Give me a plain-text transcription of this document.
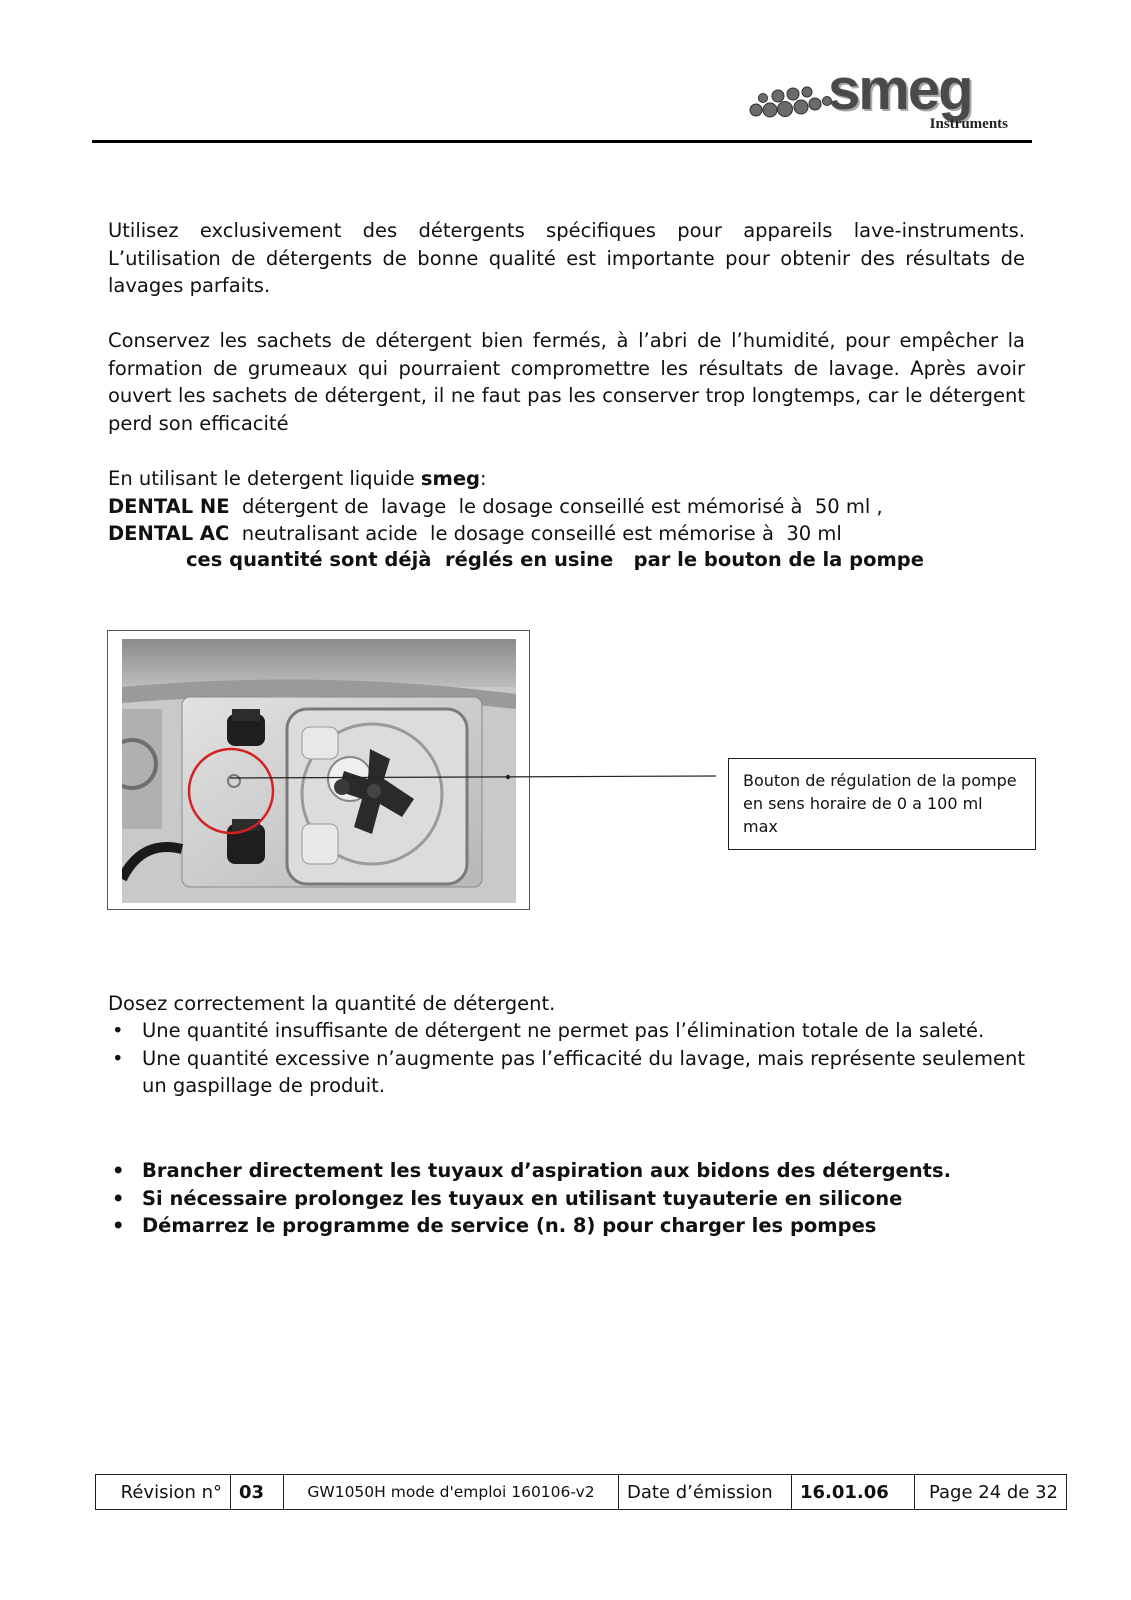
smeg
Instruments

Utilisez exclusivement des détergents spécifiques pour appareils lave-instruments. L’utilisation de détergents de bonne qualité est importante pour obtenir des résultats de lavages parfaits.

Conservez les sachets de détergent bien fermés, à l’abri de l’humidité, pour empêcher la formation de grumeaux qui pourraient compromettre les résultats de lavage. Après avoir ouvert les sachets de détergent, il ne faut pas les conserver trop longtemps, car le détergent perd son efficacité

En utilisant le detergent liquide smeg:
DENTAL NE  détergent de  lavage  le dosage conseillé est mémorisé à  50 ml ,
DENTAL AC  neutralisant acide  le dosage conseillé est mémorise à  30 ml
ces quantité sont déjà  réglés en usine   par le bouton de la pompe
Bouton de régulation de la pompe en sens horaire de 0 a 100 ml max
Dosez correctement la quantité de détergent.
• Une quantité insuffisante de détergent ne permet pas l’élimination totale de la saleté.
• Une quantité excessive n’augmente pas l’efficacité du lavage, mais représente seulement un gaspillage de produit.
• Brancher directement les tuyaux d’aspiration aux bidons des détergents.
• Si nécessaire prolongez les tuyaux en utilisant tuyauterie en silicone
• Démarrez le programme de service (n. 8) pour charger les pompes
Révision n°	03	GW1050H mode d'emploi 160106-v2	Date d’émission	16.01.06	Page 24 de 32
